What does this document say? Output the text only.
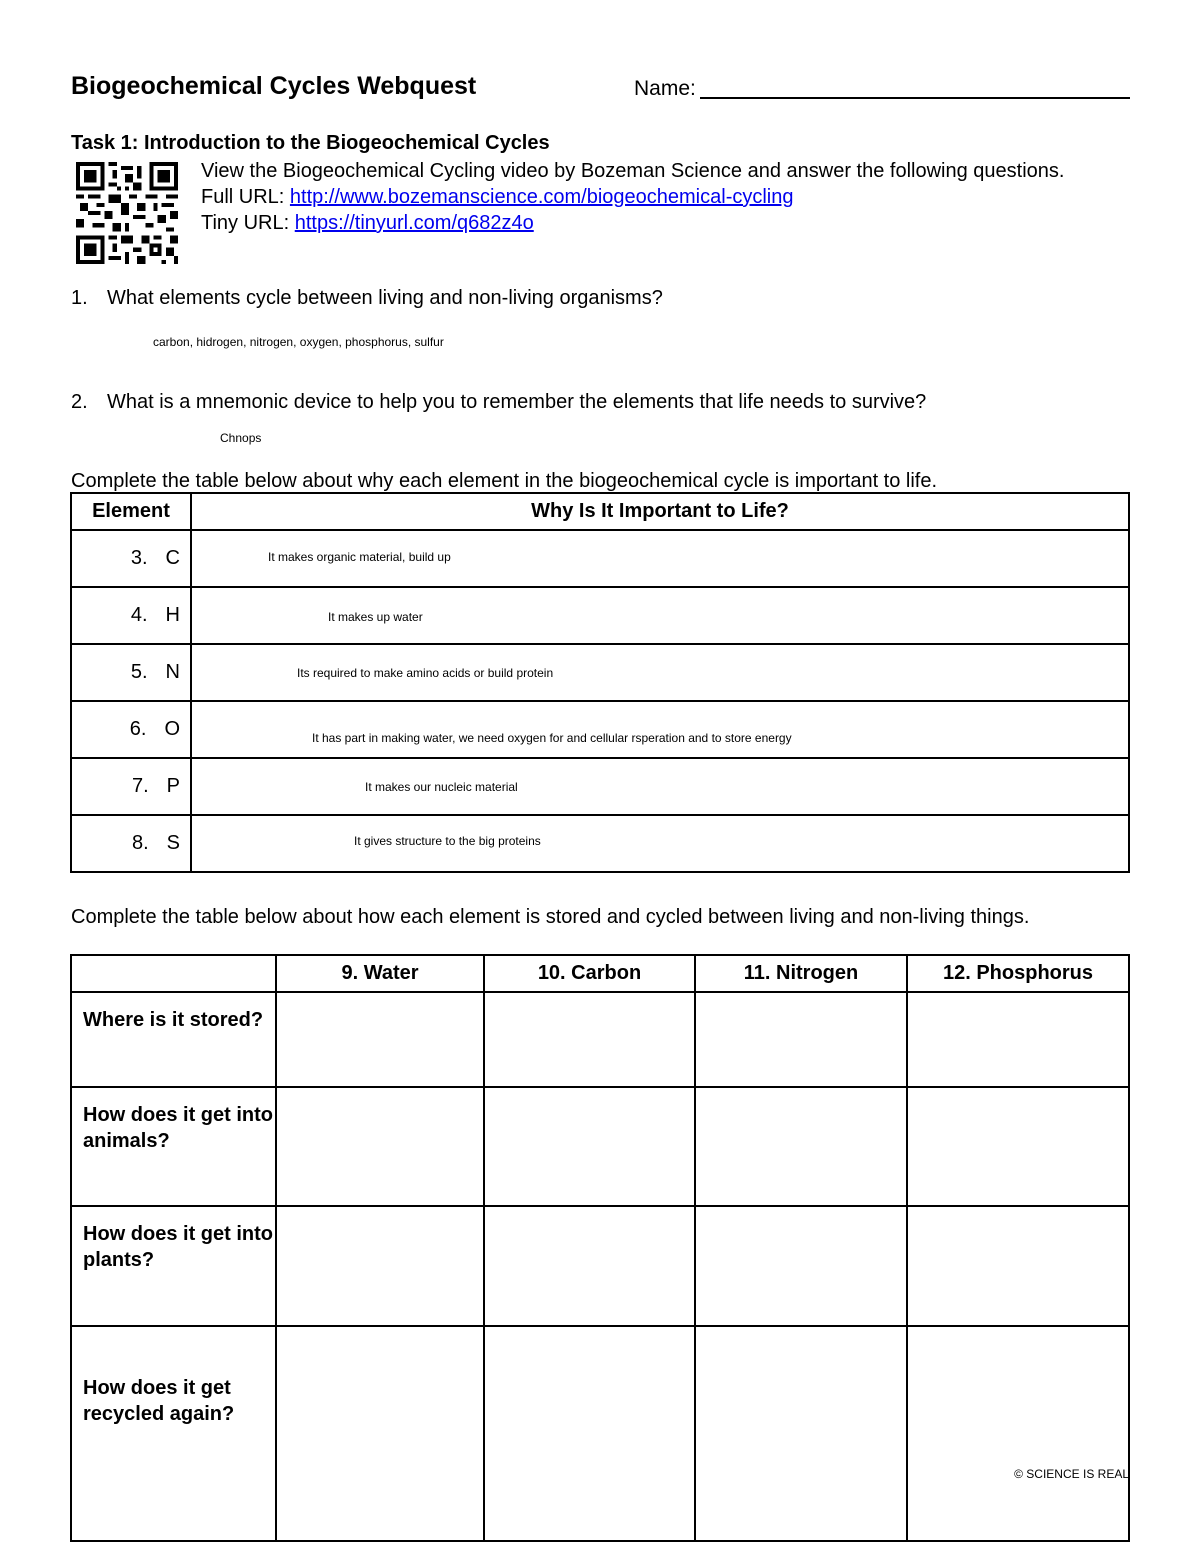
Biogeochemical Cycles Webquest	Name:
Task 1: Introduction to the Biogeochemical Cycles
View the Biogeochemical Cycling video by Bozeman Science and answer the following questions.
Full URL: http://www.bozemanscience.com/biogeochemical-cycling
Tiny URL: https://tinyurl.com/q682z4o
1. What elements cycle between living and non-living organisms?
carbon, hidrogen, nitrogen, oxygen, phosphorus, sulfur
2. What is a mnemonic device to help you to remember the elements that life needs to survive?
Chnops
Complete the table below about why each element in the biogeochemical cycle is important to life.
Element	Why Is It Important to Life?
3. C	It makes organic material, build up
4. H	It makes up water
5. N	Its required to make amino acids or build protein
6. O	It has part in making water, we need oxygen for and cellular rsperation and to store energy
7. P	It makes our nucleic material
8. S	It gives structure to the big proteins
Complete the table below about how each element is stored and cycled between living and non-living things.
	9. Water	10. Carbon	11. Nitrogen	12. Phosphorus
Where is it stored?				
How does it get into animals?				
How does it get into plants?				
How does it get recycled again?				
© SCIENCE IS REAL
